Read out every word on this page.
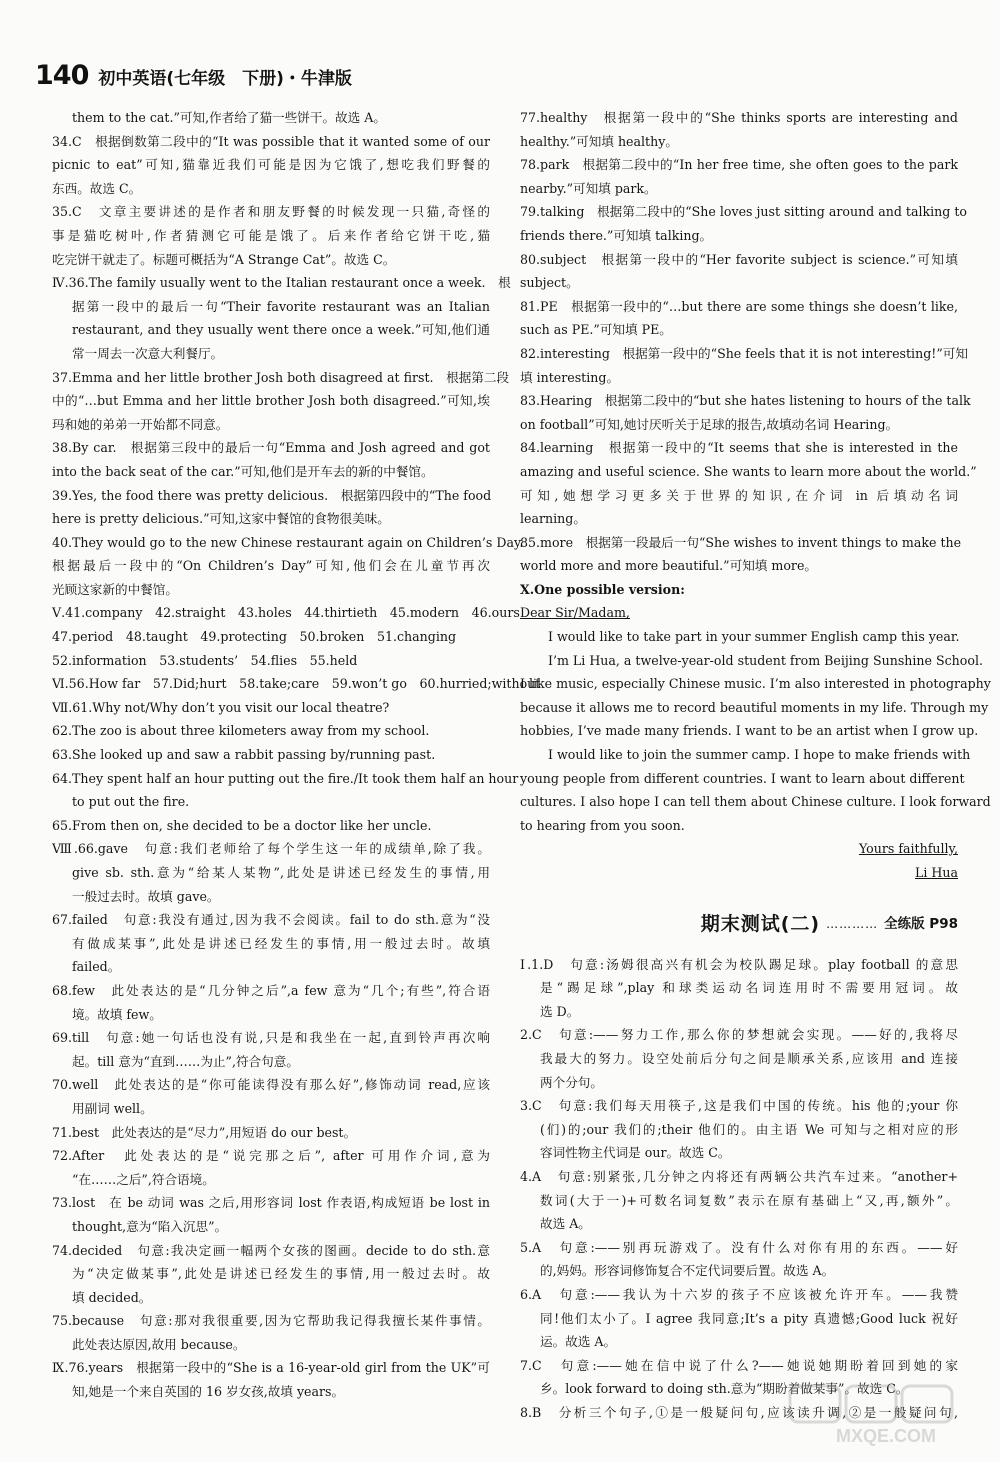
140 初中英语(七年级　下册)・牛津版
them to the cat.”可知,作者给了猫一些饼干。故选 A。
34.C　根据倒数第二段中的“It was possible that it wanted some of our
picnic to eat”可知,猫靠近我们可能是因为它饿了,想吃我们野餐的
东西。故选 C。
35.C　文章主要讲述的是作者和朋友野餐的时候发现一只猫,奇怪的
事是猫吃树叶,作者猜测它可能是饿了。后来作者给它饼干吃,猫
吃完饼干就走了。标题可概括为“A Strange Cat”。故选 C。
Ⅳ.36.The family usually went to the Italian restaurant once a week.　根
据第一段中的最后一句“Their favorite restaurant was an Italian
restaurant, and they usually went there once a week.”可知,他们通
常一周去一次意大利餐厅。
37.Emma and her little brother Josh both disagreed at first.　根据第二段
中的“…but Emma and her little brother Josh both disagreed.”可知,埃
玛和她的弟弟一开始都不同意。
38.By car.　根据第三段中的最后一句“Emma and Josh agreed and got
into the back seat of the car.”可知,他们是开车去的新的中餐馆。
39.Yes, the food there was pretty delicious.　根据第四段中的“The food
here is pretty delicious.”可知,这家中餐馆的食物很美味。
40.They would go to the new Chinese restaurant again on Children’s Day.
根据最后一段中的“On Children’s Day”可知,他们会在儿童节再次
光顾这家新的中餐馆。
Ⅴ.41.company　42.straight　43.holes　44.thirtieth　45.modern　46.ours
47.period　48.taught　49.protecting　50.broken　51.changing
52.information　53.students’　54.flies　55.held
Ⅵ.56.How far　57.Did;hurt　58.take;care　59.won’t go　60.hurried;without
Ⅶ.61.Why not/Why don’t you visit our local theatre?
62.The zoo is about three kilometers away from my school.
63.She looked up and saw a rabbit passing by/running past.
64.They spent half an hour putting out the fire./It took them half an hour
to put out the fire.
65.From then on, she decided to be a doctor like her uncle.
Ⅷ.66.gave　句意:我们老师给了每个学生这一年的成绩单,除了我。
give sb. sth.意为“给某人某物”,此处是讲述已经发生的事情,用
一般过去时。故填 gave。
67.failed　句意:我没有通过,因为我不会阅读。fail to do sth.意为“没
有做成某事”,此处是讲述已经发生的事情,用一般过去时。故填
failed。
68.few　此处表达的是“几分钟之后”,a few 意为“几个;有些”,符合语
境。故填 few。
69.till　句意:她一句话也没有说,只是和我坐在一起,直到铃声再次响
起。till 意为“直到……为止”,符合句意。
70.well　此处表达的是“你可能读得没有那么好”,修饰动词 read,应该
用副词 well。
71.best　此处表达的是“尽力”,用短语 do our best。
72.After　此处表达的是“说完那之后”, after 可用作介词,意为
“在……之后”,符合语境。
73.lost　在 be 动词 was 之后,用形容词 lost 作表语,构成短语 be lost in
thought,意为“陷入沉思”。
74.decided　句意:我决定画一幅两个女孩的图画。decide to do sth.意
为“决定做某事”,此处是讲述已经发生的事情,用一般过去时。故
填 decided。
75.because　句意:那对我很重要,因为它帮助我记得我擅长某件事情。
此处表达原因,故用 because。
Ⅸ.76.years　根据第一段中的“She is a 16-year-old girl from the UK”可
知,她是一个来自英国的 16 岁女孩,故填 years。
77.healthy　根据第一段中的“She thinks sports are interesting and
healthy.”可知填 healthy。
78.park　根据第二段中的“In her free time, she often goes to the park
nearby.”可知填 park。
79.talking　根据第二段中的“She loves just sitting around and talking to
friends there.”可知填 talking。
80.subject　根据第一段中的“Her favorite subject is science.”可知填
subject。
81.PE　根据第一段中的“…but there are some things she doesn’t like,
such as PE.”可知填 PE。
82.interesting　根据第一段中的“She feels that it is not interesting!”可知
填 interesting。
83.Hearing　根据第二段中的“but she hates listening to hours of the talk
on football”可知,她讨厌听关于足球的报告,故填动名词 Hearing。
84.learning　根据第一段中的“It seems that she is interested in the
amazing and useful science. She wants to learn more about the world.”
可知,她想学习更多关于世界的知识,在介词 in 后填动名词
learning。
85.more　根据第一段最后一句“She wishes to invent things to make the
world more and more beautiful.”可知填 more。
Ⅹ.One possible version:
Dear Sir/Madam,
I would like to take part in your summer English camp this year.
I’m Li Hua, a twelve-year-old student from Beijing Sunshine School.
I like music, especially Chinese music. I’m also interested in photography
because it allows me to record beautiful moments in my life. Through my
hobbies, I’ve made many friends. I want to be an artist when I grow up.
I would like to join the summer camp. I hope to make friends with
young people from different countries. I want to learn about different
cultures. I also hope I can tell them about Chinese culture. I look forward
to hearing from you soon.
Yours faithfully,
Li Hua
期末测试(二) ………… 全练版 P98
Ⅰ.1.D　句意:汤姆很高兴有机会为校队踢足球。play football 的意思
是“踢足球”,play 和球类运动名词连用时不需要用冠词。故
选 D。
2.C　句意:——努力工作,那么你的梦想就会实现。——好的,我将尽
我最大的努力。设空处前后分句之间是顺承关系,应该用 and 连接
两个分句。
3.C　句意:我们每天用筷子,这是我们中国的传统。his 他的;your 你
(们)的;our 我们的;their 他们的。由主语 We 可知与之相对应的形
容词性物主代词是 our。故选 C。
4.A　句意:别紧张,几分钟之内将还有两辆公共汽车过来。“another+
数词(大于一)+可数名词复数”表示在原有基础上“又,再,额外”。
故选 A。
5.A　句意:——别再玩游戏了。没有什么对你有用的东西。——好
的,妈妈。形容词修饰复合不定代词要后置。故选 A。
6.A　句意:——我认为十六岁的孩子不应该被允许开车。——我赞
同!他们太小了。I agree 我同意;It’s a pity 真遗憾;Good luck 祝好
运。故选 A。
7.C　句意:——她在信中说了什么?——她说她期盼着回到她的家
乡。look forward to doing sth.意为“期盼着做某事”。故选 C。
8.B　分析三个句子,①是一般疑问句,应该读升调,②是一般疑问句,
MXQE.COM
